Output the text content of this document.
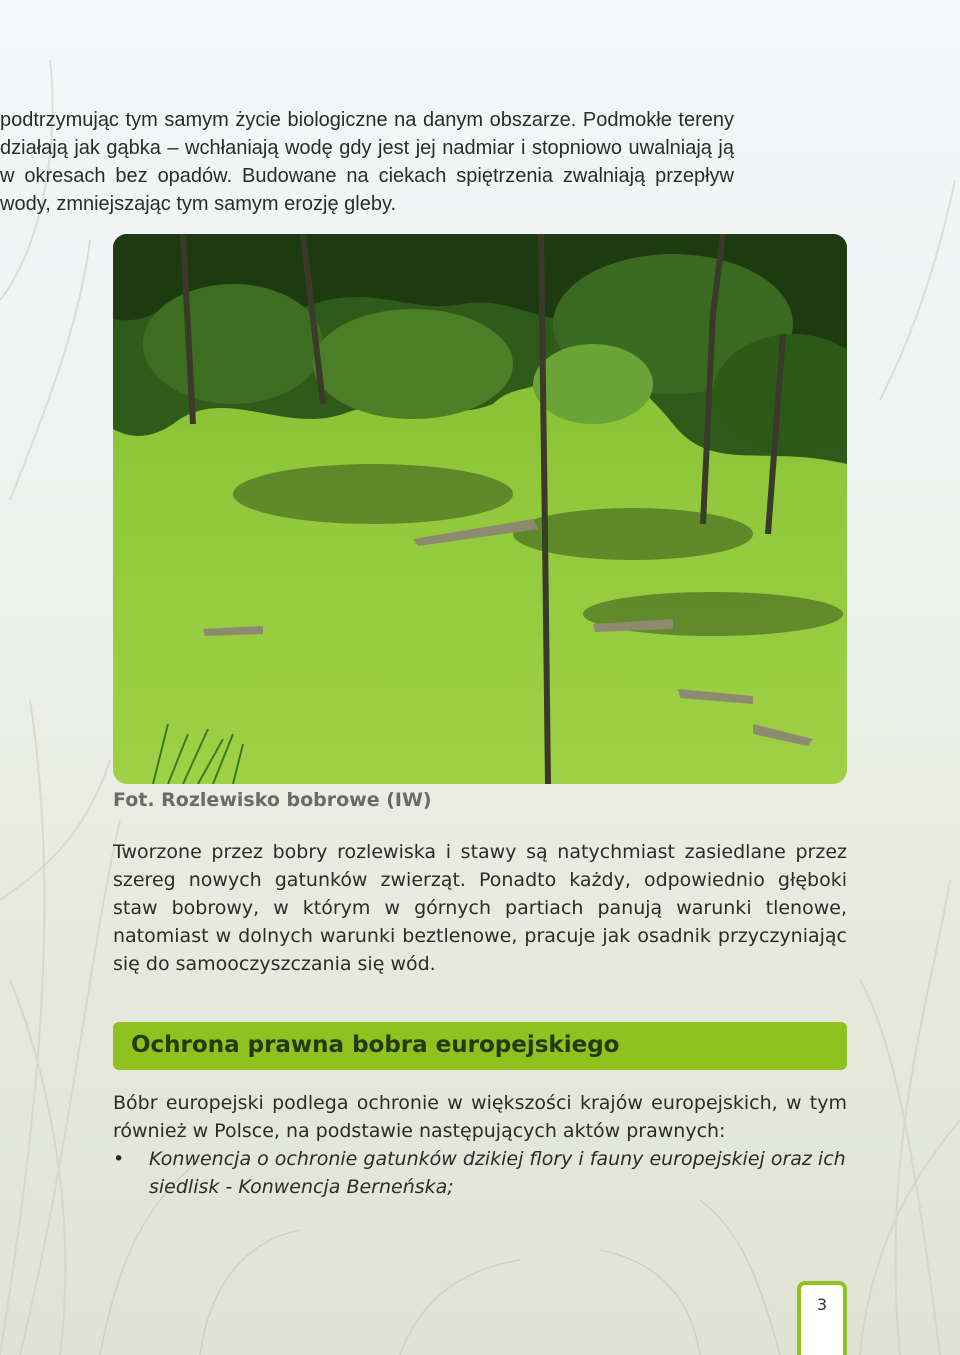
podtrzymując tym samym życie biologiczne na danym obszarze. Podmokłe tereny działają jak gąbka – wchłaniają wodę gdy jest jej nadmiar i stopniowo uwalniają ją w okresach bez opadów. Budowane na ciekach spiętrzenia zwalniają przepływ wody, zmniejszając tym samym erozję gleby.

Fot. Rozlewisko bobrowe (IW)

Tworzone przez bobry rozlewiska i stawy są natychmiast zasiedlane przez szereg nowych gatunków zwierząt. Ponadto każdy, odpowiednio głęboki staw bobrowy, w którym w górnych partiach panują warunki tlenowe, natomiast w dolnych warunki beztlenowe, pracuje jak osadnik przyczyniając się do samooczyszczania się wód.

Ochrona prawna bobra europejskiego

Bóbr europejski podlega ochronie w większości krajów europejskich, w tym również w Polsce, na podstawie następujących aktów prawnych:

• Konwencja o ochronie gatunków dzikiej flory i fauny europejskiej oraz ich siedlisk - Konwencja Berneńska;
3
